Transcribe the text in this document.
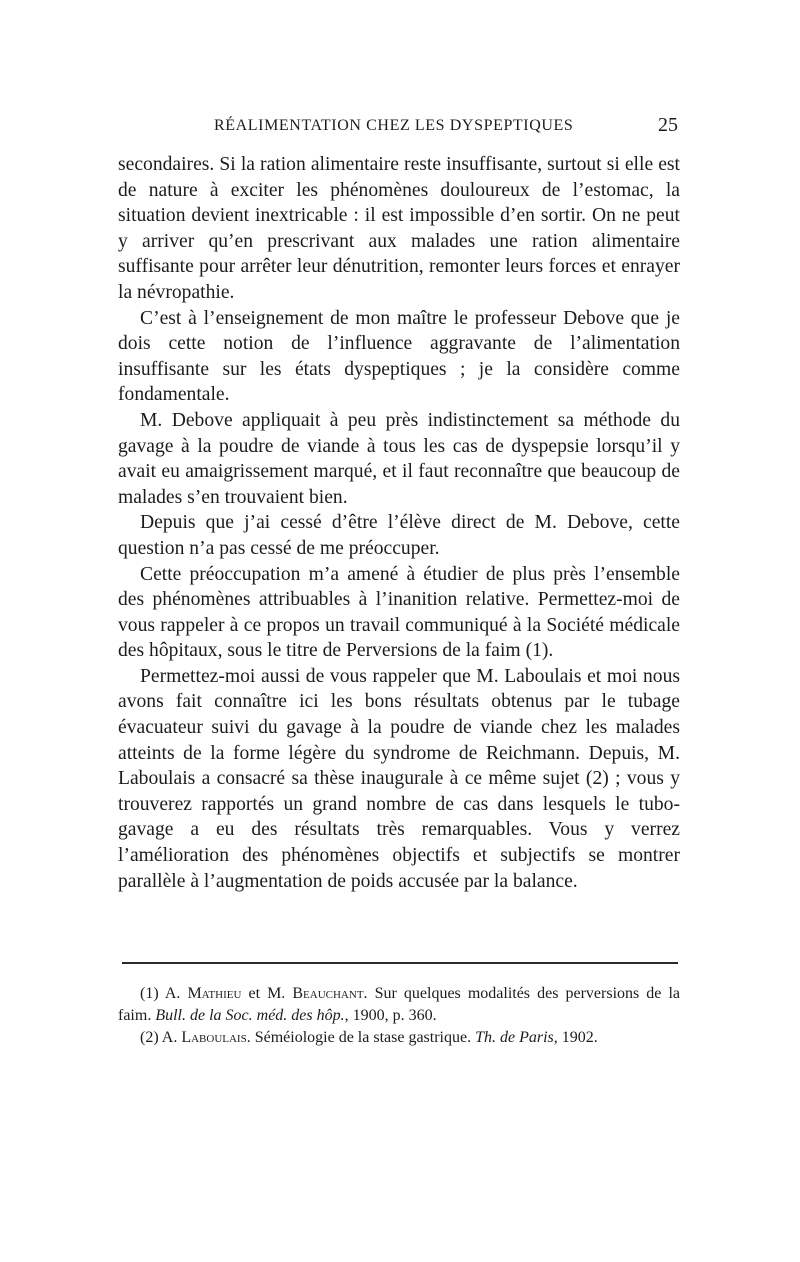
RÉALIMENTATION CHEZ LES DYSPEPTIQUES	25

secondaires. Si la ration alimentaire reste insuffisante, surtout si elle est de nature à exciter les phénomènes douloureux de l’estomac, la situation devient inextricable : il est impossible d’en sortir. On ne peut y arriver qu’en prescrivant aux malades une ration alimentaire suffisante pour arrêter leur dénutrition, remonter leurs forces et enrayer la névropathie.

C’est à l’enseignement de mon maître le professeur Debove que je dois cette notion de l’influence aggravante de l’alimentation insuffisante sur les états dyspeptiques ; je la considère comme fondamentale.

M. Debove appliquait à peu près indistinctement sa méthode du gavage à la poudre de viande à tous les cas de dyspepsie lorsqu’il y avait eu amaigrissement marqué, et il faut reconnaître que beaucoup de malades s’en trouvaient bien.

Depuis que j’ai cessé d’être l’élève direct de M. Debove, cette question n’a pas cessé de me préoccuper.

Cette préoccupation m’a amené à étudier de plus près l’ensemble des phénomènes attribuables à l’inanition relative. Permettez-moi de vous rappeler à ce propos un travail communiqué à la Société médicale des hôpitaux, sous le titre de Perversions de la faim (1).

Permettez-moi aussi de vous rappeler que M. Laboulais et moi nous avons fait connaître ici les bons résultats obtenus par le tubage évacuateur suivi du gavage à la poudre de viande chez les malades atteints de la forme légère du syndrome de Reichmann. Depuis, M. Laboulais a consacré sa thèse inaugurale à ce même sujet (2) ; vous y trouverez rapportés un grand nombre de cas dans lesquels le tubo-gavage a eu des résultats très remarquables. Vous y verrez l’amélioration des phénomènes objectifs et subjectifs se montrer parallèle à l’augmentation de poids accusée par la balance.

(1) A. Mathieu et M. Beauchant. Sur quelques modalités des perversions de la faim. Bull. de la Soc. méd. des hôp., 1900, p. 360.

(2) A. Laboulais. Séméiologie de la stase gastrique. Th. de Paris, 1902.
